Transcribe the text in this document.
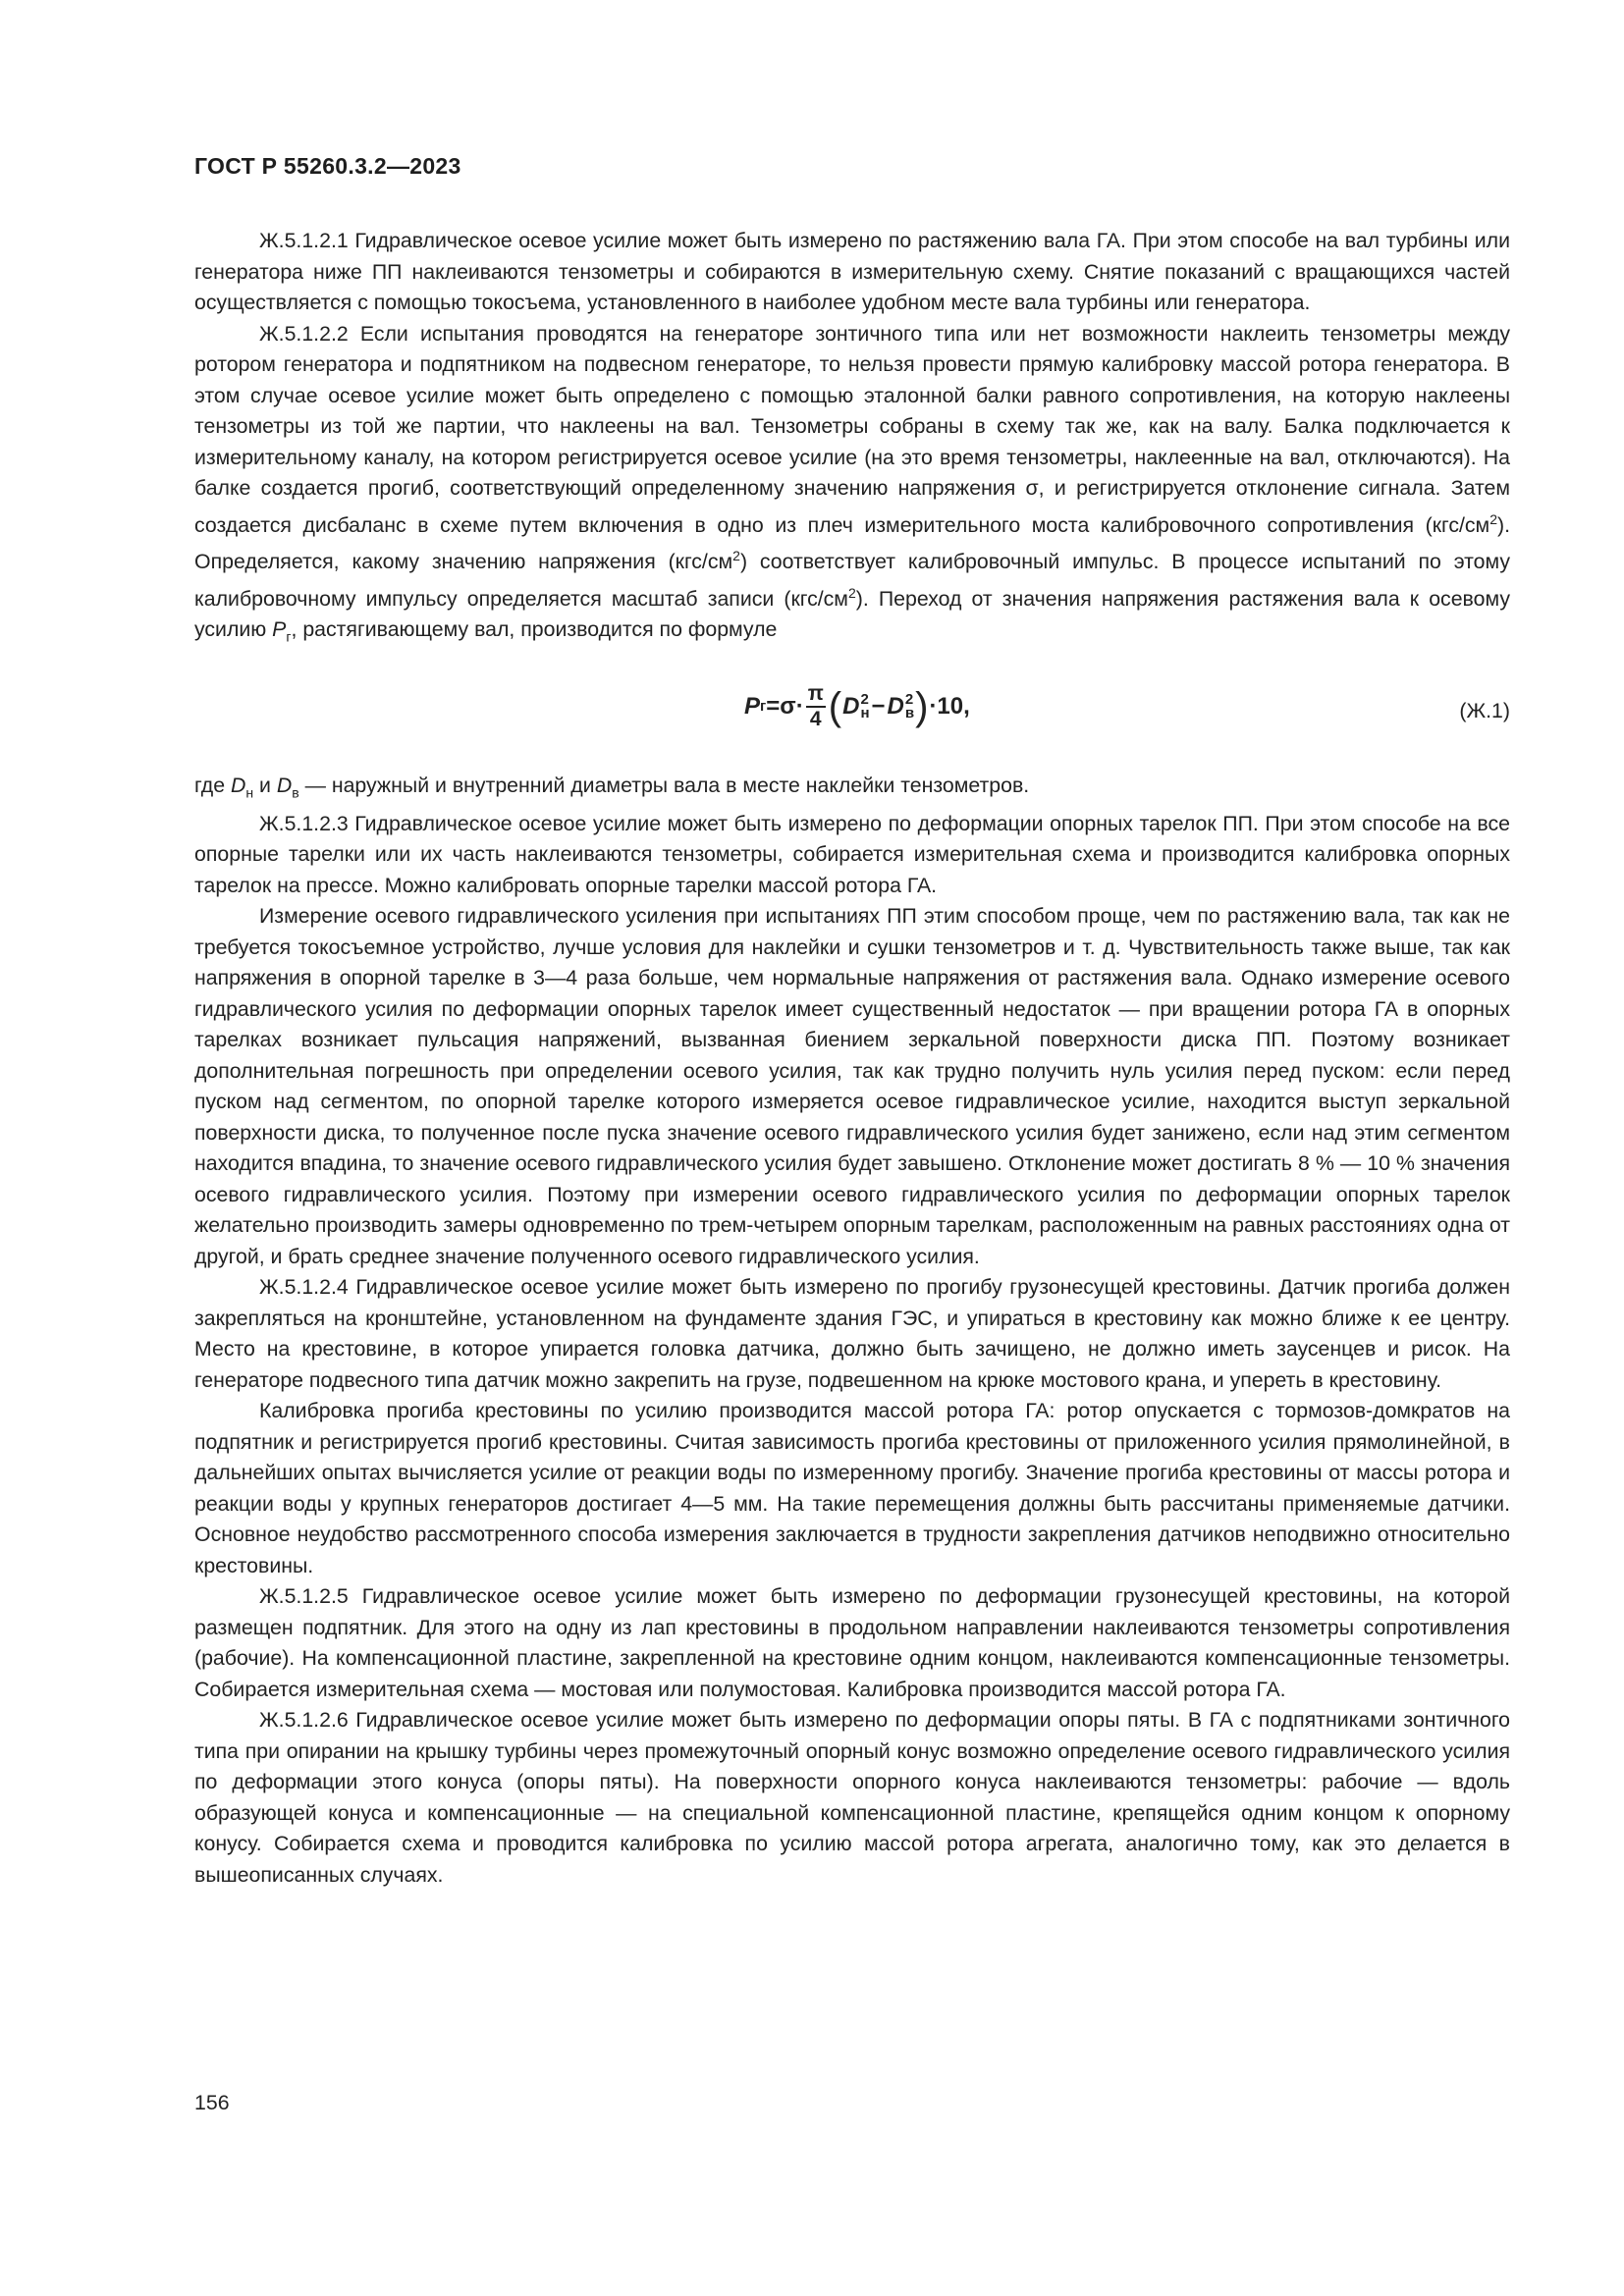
ГОСТ Р 55260.3.2—2023

Ж.5.1.2.1 Гидравлическое осевое усилие может быть измерено по растяжению вала ГА. При этом способе на вал турбины или генератора ниже ПП наклеиваются тензометры и собираются в измерительную схему. Снятие показаний с вращающихся частей осуществляется с помощью токосъема, установленного в наиболее удобном месте вала турбины или генератора.

Ж.5.1.2.2 Если испытания проводятся на генераторе зонтичного типа или нет возможности наклеить тензометры между ротором генератора и подпятником на подвесном генераторе, то нельзя провести прямую калибровку массой ротора генератора. В этом случае осевое усилие может быть определено с помощью эталонной балки равного сопротивления, на которую наклеены тензометры из той же партии, что наклеены на вал. Тензометры собраны в схему так же, как на валу. Балка подключается к измерительному каналу, на котором регистрируется осевое усилие (на это время тензометры, наклеенные на вал, отключаются). На балке создается прогиб, соответствующий определенному значению напряжения σ, и регистрируется отклонение сигнала. Затем создается дисбаланс в схеме путем включения в одно из плеч измерительного моста калибровочного сопротивления $(кгс/см^2)$. Определяется, какому значению напряжения $(кгс/см^2)$ соответствует калибровочный импульс. В процессе испытаний по этому калибровочному импульсу определяется масштаб записи $(кгс/см^2)$. Переход от значения напряжения растяжения вала к осевому усилию $P_г$, растягивающему вал, производится по формуле

P $г =\sigma\cdot \frac{\pi}{4}$ ( D 2
н − D 2
в ) ·10,	(Ж.1)

где $D_н$ и $D_в$ — наружный и внутренний диаметры вала в месте наклейки тензометров.

Ж.5.1.2.3 Гидравлическое осевое усилие может быть измерено по деформации опорных тарелок ПП. При этом способе на все опорные тарелки или их часть наклеиваются тензометры, собирается измерительная схема и производится калибровка опорных тарелок на прессе. Можно калибровать опорные тарелки массой ротора ГА.

Измерение осевого гидравлического усиления при испытаниях ПП этим способом проще, чем по растяжению вала, так как не требуется токосъемное устройство, лучше условия для наклейки и сушки тензометров и т. д. Чувствительность также выше, так как напряжения в опорной тарелке в 3—4 раза больше, чем нормальные напряжения от растяжения вала. Однако измерение осевого гидравлического усилия по деформации опорных тарелок имеет существенный недостаток — при вращении ротора ГА в опорных тарелках возникает пульсация напряжений, вызванная биением зеркальной поверхности диска ПП. Поэтому возникает дополнительная погрешность при определении осевого усилия, так как трудно получить нуль усилия перед пуском: если перед пуском над сегментом, по опорной тарелке которого измеряется осевое гидравлическое усилие, находится выступ зеркальной поверхности диска, то полученное после пуска значение осевого гидравлического усилия будет занижено, если над этим сегментом находится впадина, то значение осевого гидравлического усилия будет завышено. Отклонение может достигать 8 % — 10 % значения осевого гидравлического усилия. Поэтому при измерении осевого гидравлического усилия по деформации опорных тарелок желательно производить замеры одновременно по трем-четырем опорным тарелкам, расположенным на равных расстояниях одна от другой, и брать среднее значение полученного осевого гидравлического усилия.

Ж.5.1.2.4 Гидравлическое осевое усилие может быть измерено по прогибу грузонесущей крестовины. Датчик прогиба должен закрепляться на кронштейне, установленном на фундаменте здания ГЭС, и упираться в крестовину как можно ближе к ее центру. Место на крестовине, в которое упирается головка датчика, должно быть зачищено, не должно иметь заусенцев и рисок. На генераторе подвесного типа датчик можно закрепить на грузе, подвешенном на крюке мостового крана, и упереть в крестовину.

Калибровка прогиба крестовины по усилию производится массой ротора ГА: ротор опускается с тормозов-домкратов на подпятник и регистрируется прогиб крестовины. Считая зависимость прогиба крестовины от приложенного усилия прямолинейной, в дальнейших опытах вычисляется усилие от реакции воды по измеренному прогибу. Значение прогиба крестовины от массы ротора и реакции воды у крупных генераторов достигает 4—5 мм. На такие перемещения должны быть рассчитаны применяемые датчики. Основное неудобство рассмотренного способа измерения заключается в трудности закрепления датчиков неподвижно относительно крестовины.

Ж.5.1.2.5 Гидравлическое осевое усилие может быть измерено по деформации грузонесущей крестовины, на которой размещен подпятник. Для этого на одну из лап крестовины в продольном направлении наклеиваются тензометры сопротивления (рабочие). На компенсационной пластине, закрепленной на крестовине одним концом, наклеиваются компенсационные тензометры. Собирается измерительная схема — мостовая или полумостовая. Калибровка производится массой ротора ГА.

Ж.5.1.2.6 Гидравлическое осевое усилие может быть измерено по деформации опоры пяты. В ГА с подпятниками зонтичного типа при опирании на крышку турбины через промежуточный опорный конус возможно определение осевого гидравлического усилия по деформации этого конуса (опоры пяты). На поверхности опорного конуса наклеиваются тензометры: рабочие — вдоль образующей конуса и компенсационные — на специальной компенсационной пластине, крепящейся одним концом к опорному конусу. Собирается схема и проводится калибровка по усилию массой ротора агрегата, аналогично тому, как это делается в вышеописанных случаях.

156
